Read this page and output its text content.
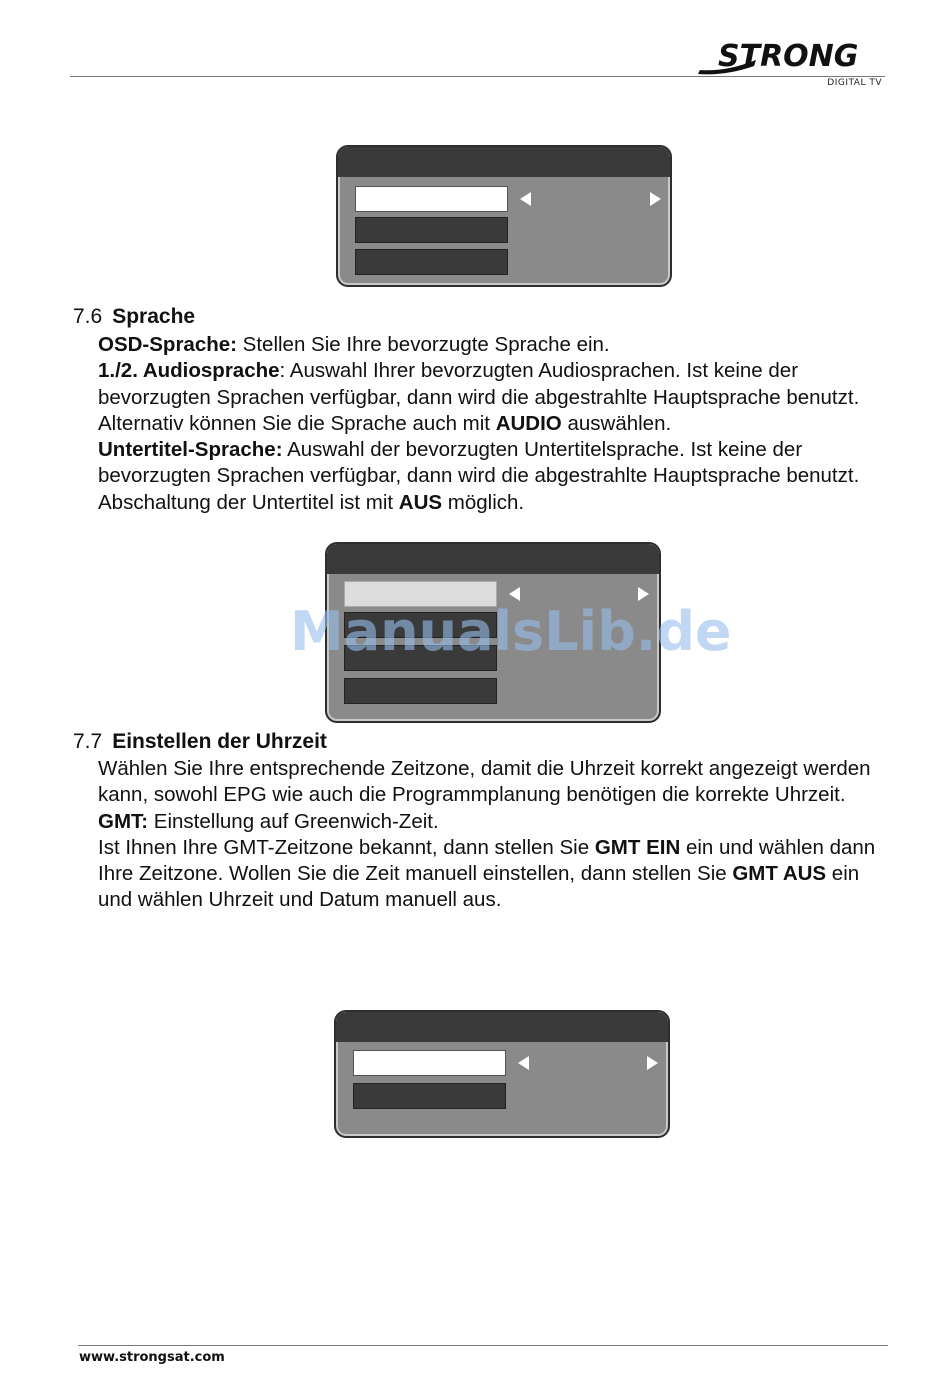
STRONG
DIGITAL TV
7.6 Sprache

OSD-Sprache: Stellen Sie Ihre bevorzugte Sprache ein.

1./2. Audiosprache: Auswahl Ihrer bevorzugten Audiosprachen. Ist keine der bevorzugten Sprachen verfügbar, dann wird die abgestrahlte Hauptsprache benutzt. Alternativ können Sie die Sprache auch mit AUDIO auswählen.

Untertitel-Sprache: Auswahl der bevorzugten Untertitelsprache. Ist keine der bevorzugten Sprachen verfügbar, dann wird die abgestrahlte Hauptsprache benutzt. Abschaltung der Untertitel ist mit AUS möglich.

ManualsLib.de
7.7 Einstellen der Uhrzeit

Wählen Sie Ihre entsprechende Zeitzone, damit die Uhrzeit korrekt angezeigt werden kann, sowohl EPG wie auch die Programmplanung benötigen die korrekte Uhrzeit.

GMT: Einstellung auf Greenwich-Zeit.

Ist Ihnen Ihre GMT-Zeitzone bekannt, dann stellen Sie GMT EIN ein und wählen dann Ihre Zeitzone. Wollen Sie die Zeit manuell einstellen, dann stellen Sie GMT AUS ein und wählen Uhrzeit und Datum manuell aus.

www.strongsat.com
